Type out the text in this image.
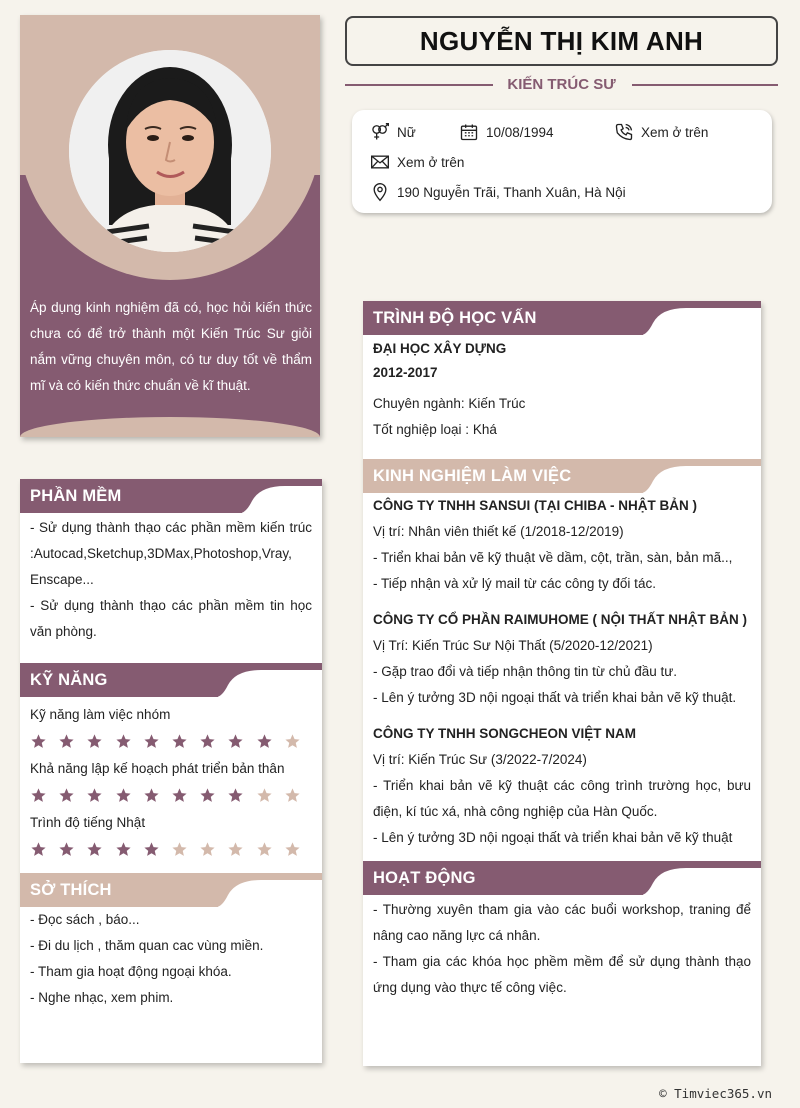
Áp dụng kinh nghiệm đã có, học hỏi kiến thức chưa có để trở thành một Kiến Trúc Sư giỏi nắm vững chuyên môn, có tư duy tốt về thẩm mĩ và có kiến thức chuẩn về kĩ thuật.
NGUYỄN THỊ KIM ANH
KIẾN TRÚC SƯ
Nữ	10/08/1994	Xem ở trên
Xem ở trên
190 Nguyễn Trãi, Thanh Xuân, Hà Nội
PHẦN MỀM
- Sử dụng thành thạo các phần mềm kiến trúc :Autocad,Sketchup,3DMax,Photoshop,Vray, Enscape...
- Sử dụng thành thạo các phần mềm tin học văn phòng.
KỸ NĂNG
Kỹ năng làm việc nhóm
Khả năng lập kế hoạch phát triển bản thân
Trình độ tiếng Nhật
SỞ THÍCH
- Đọc sách , báo...
- Đi du lịch , thăm quan cac vùng miền.
- Tham gia hoạt động ngoại khóa.
- Nghe nhạc, xem phim.
TRÌNH ĐỘ HỌC VẤN
ĐẠI HỌC XÂY DỰNG
2012-2017
Chuyên ngành: Kiến Trúc
Tốt nghiệp loại : Khá
KINH NGHIỆM LÀM VIỆC
CÔNG TY TNHH SANSUI (TẠI CHIBA - NHẬT BẢN )
Vị trí: Nhân viên thiết kế (1/2018-12/2019)
- Triển khai bản vẽ kỹ thuật về dầm, cột, trần, sàn, bản mã..,
- Tiếp nhận và xử lý mail từ các công ty đối tác.
CÔNG TY CỔ PHẦN RAIMUHOME ( NỘI THẤT NHẬT BẢN )
Vị Trí: Kiến Trúc Sư Nội Thất (5/2020-12/2021)
- Gặp trao đổi và tiếp nhận thông tin từ chủ đầu tư.
- Lên ý tưởng 3D nội ngoại thất và triển khai bản vẽ kỹ thuật.
CÔNG TY TNHH SONGCHEON VIỆT NAM
Vị trí: Kiến Trúc Sư (3/2022-7/2024)
- Triển khai bản vẽ kỹ thuật các công trình trường học, bưu điện, kí túc xá, nhà công nghiệp của Hàn Quốc.
- Lên ý tưởng 3D nội ngoại thất và triển khai bản vẽ kỹ thuật
HOẠT ĐỘNG
- Thường xuyên tham gia vào các buổi workshop, traning để nâng cao năng lực cá nhân.
- Tham gia các khóa học phềm mềm để sử dụng thành thạo ứng dụng vào thực tế công việc.
© Timviec365.vn
